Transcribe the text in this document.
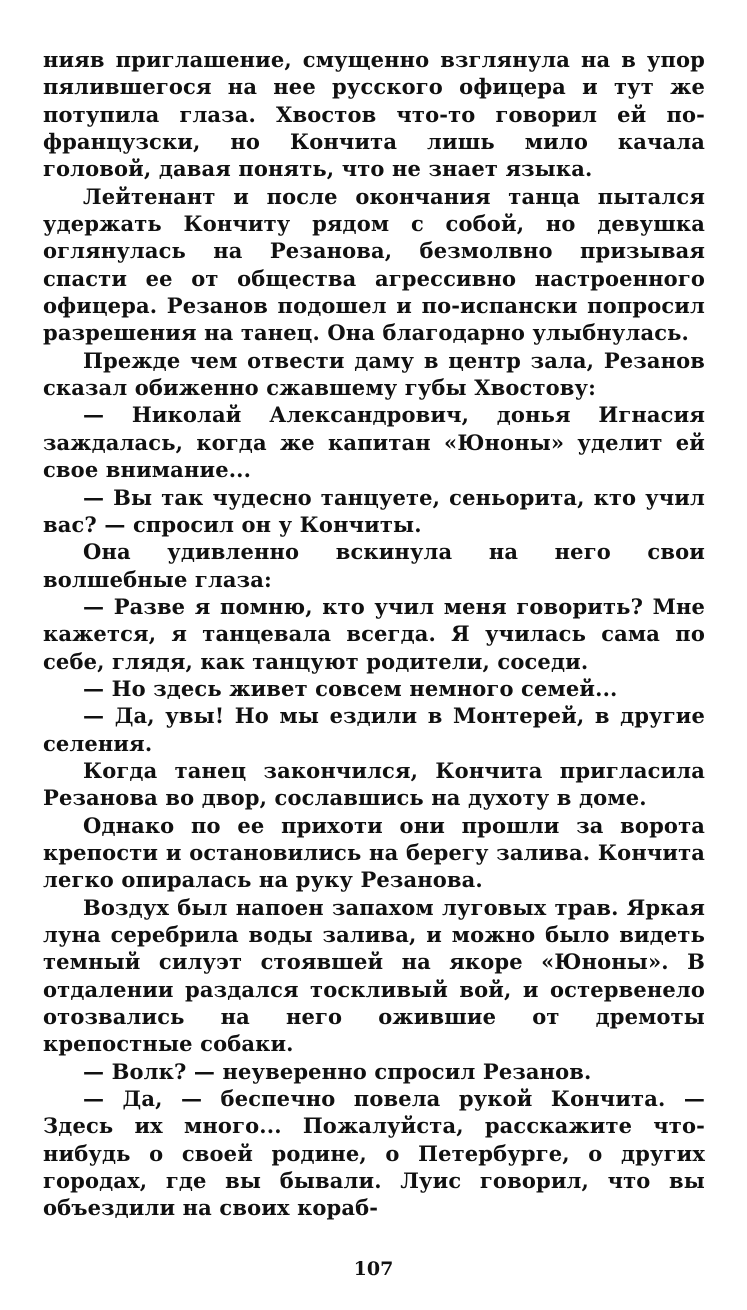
нияв приглашение, смущенно взглянула на в упор пялившегося на нее русского офицера и тут же потупила глаза. Хвостов что-то говорил ей по-французски, но Кончита лишь мило качала головой, давая понять, что не знает языка.

Лейтенант и после окончания танца пытался удержать Кончиту рядом с собой, но девушка оглянулась на Резанова, безмолвно призывая спасти ее от общества агрессивно настроенного офицера. Резанов подошел и по-испански попросил разрешения на танец. Она благодарно улыбнулась.

Прежде чем отвести даму в центр зала, Резанов сказал обиженно сжавшему губы Хвостову:

— Николай Александрович, донья Игнасия заждалась, когда же капитан «Юноны» уделит ей свое внимание...

— Вы так чудесно танцуете, сеньорита, кто учил вас? — спросил он у Кончиты.

Она удивленно вскинула на него свои волшебные глаза:

— Разве я помню, кто учил меня говорить? Мне кажется, я танцевала всегда. Я училась сама по себе, глядя, как танцуют родители, соседи.

— Но здесь живет совсем немного семей...

— Да, увы! Но мы ездили в Монтерей, в другие селения.

Когда танец закончился, Кончита пригласила Резанова во двор, сославшись на духоту в доме.

Однако по ее прихоти они прошли за ворота крепости и остановились на берегу залива. Кончита легко опиралась на руку Резанова.

Воздух был напоен запахом луговых трав. Яркая луна серебрила воды залива, и можно было видеть темный силуэт стоявшей на якоре «Юноны». В отдалении раздался тоскливый вой, и остервенело отозвались на него ожившие от дремоты крепостные собаки.

— Волк? — неуверенно спросил Резанов.

— Да, — беспечно повела рукой Кончита. — Здесь их много... Пожалуйста, расскажите что-нибудь о своей родине, о Петербурге, о других городах, где вы бывали. Луис говорил, что вы объездили на своих кораб-

107
